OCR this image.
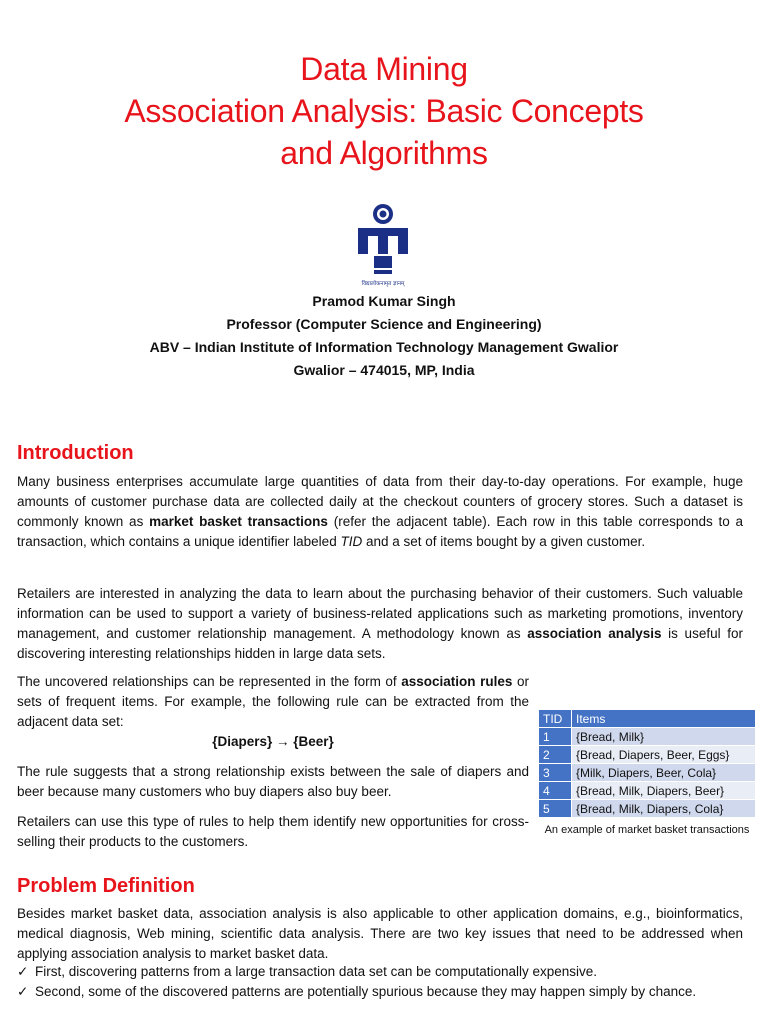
Data Mining
Association Analysis: Basic Concepts
and Algorithms
विद्यालोकनामृत ज्ञानम्
Pramod Kumar Singh
Professor (Computer Science and Engineering)
ABV – Indian Institute of Information Technology Management Gwalior
Gwalior – 474015, MP, India
Introduction

Many business enterprises accumulate large quantities of data from their day-to-day operations. For example, huge amounts of customer purchase data are collected daily at the checkout counters of grocery stores. Such a dataset is commonly known as market basket transactions (refer the adjacent table). Each row in this table corresponds to a transaction, which contains a unique identifier labeled TID and a set of items bought by a given customer.

Retailers are interested in analyzing the data to learn about the purchasing behavior of their customers. Such valuable information can be used to support a variety of business-related applications such as marketing promotions, inventory management, and customer relationship management. A methodology known as association analysis is useful for discovering interesting relationships hidden in large data sets.

The uncovered relationships can be represented in the form of association rules or sets of frequent items. For example, the following rule can be extracted from the adjacent data set:

{Diapers} → {Beer}

The rule suggests that a strong relationship exists between the sale of diapers and beer because many customers who buy diapers also buy beer.

Retailers can use this type of rules to help them identify new opportunities for cross-selling their products to the customers.

TID	Items
1	{Bread, Milk}
2	{Bread, Diapers, Beer, Eggs}
3	{Milk, Diapers, Beer, Cola}
4	{Bread, Milk, Diapers, Beer}
5	{Bread, Milk, Diapers, Cola}
An example of market basket transactions
Problem Definition

Besides market basket data, association analysis is also applicable to other application domains, e.g., bioinformatics, medical diagnosis, Web mining, scientific data analysis. There are two key issues that need to be addressed when applying association analysis to market basket data.

✓ First, discovering patterns from a large transaction data set can be computationally expensive.
✓ Second, some of the discovered patterns are potentially spurious because they may happen simply by chance.
